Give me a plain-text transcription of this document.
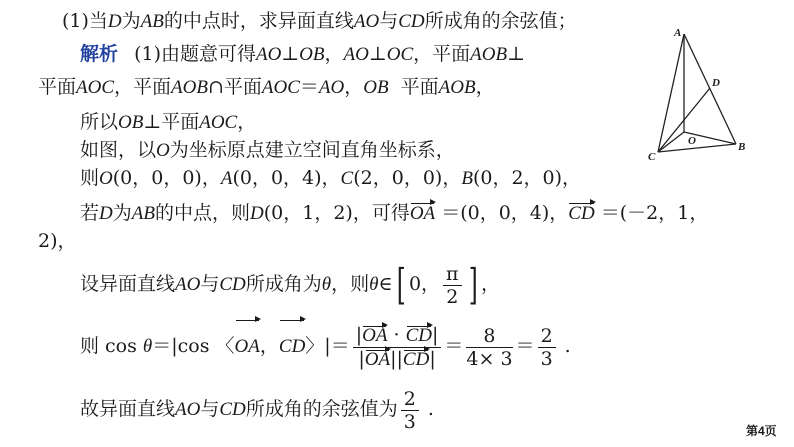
(1)当D为AB的中点时，求异面直线AO与CD所成角的余弦值；
解析 (1)由题意可得AO⊥OB，AO⊥OC，平面AOB⊥
平面AOC，平面AOB∩平面AOC＝AO，OB  平面AOB，
所以OB⊥平面AOC，
如图，以O为坐标原点建立空间直角坐标系，
则O(0，0，0)，A(0，0，4)，C(2，0，0)，B(0，2，0)，
若D为AB的中点，则D(0，1，2)，可得OA ＝(0，0，4)，CD ＝(－2，1，
2)，
设异面直线AO与CD所成角为θ，则θ∈[ 0， $\frac{\pi}{2}$ ] ，
则 cos θ＝|cos 〈OA，CD〉|＝ $\frac{|OA \cdot CD|}{|OA||CD|} = \frac{8}{4\times 3} = \frac{2}{3}$ .
故异面直线AO与CD所成角的余弦值为 $\frac{2}{3}$ .
A
D
O
C
B
第4页
